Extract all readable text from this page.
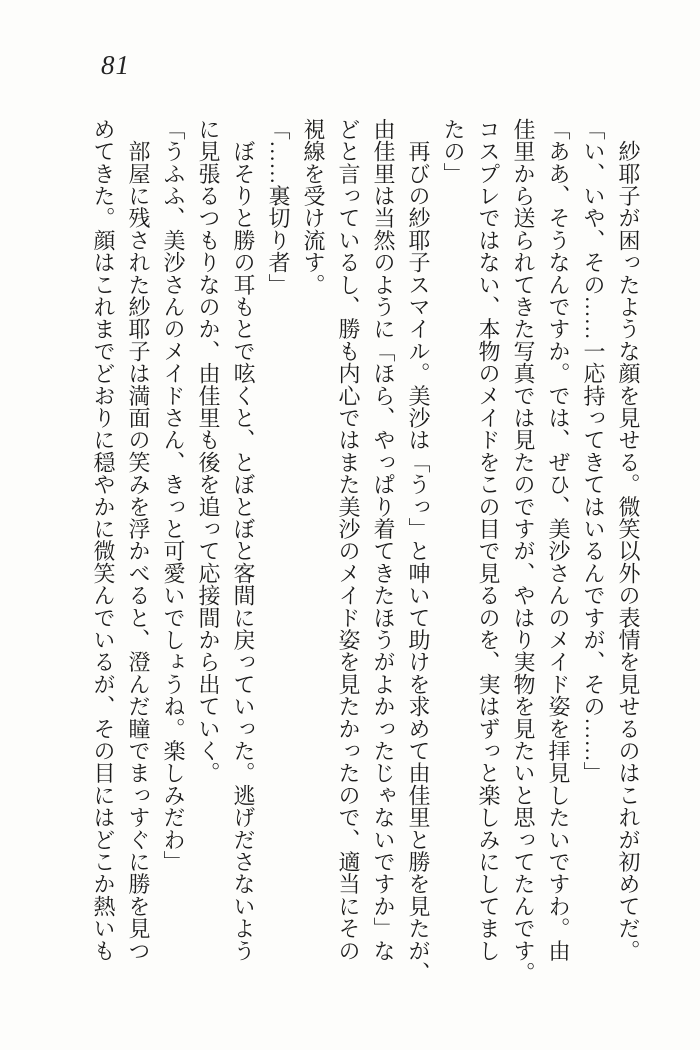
81

　紗耶子が困ったような顔を見せる。微笑以外の表情を見せるのはこれが初めてだ。

「い、いや、その……一応持ってきてはいるんですが、その……」

「ああ、そうなんですか。では、ぜひ、美沙さんのメイド姿を拝見したいですわ。由

佳里から送られてきた写真では見たのですが、やはり実物を見たいと思ってたんです。

コスプレではない、本物のメイドをこの目で見るのを、実はずっと楽しみにしてまし

たの」

　再びの紗耶子スマイル。美沙は「うっ」と呻いて助けを求めて由佳里と勝を見たが、

由佳里は当然のように「ほら、やっぱり着てきたほうがよかったじゃないですか」な

どと言っているし、勝も内心ではまた美沙のメイド姿を見たかったので、適当にその

視線を受け流す。

「……裏切り者」

　ぼそりと勝の耳もとで呟くと、とぼとぼと客間に戻っていった。逃げださないよう

に見張るつもりなのか、由佳里も後を追って応接間から出ていく。

「うふふ、美沙さんのメイドさん、きっと可愛いでしょうね。楽しみだわ」

　部屋に残された紗耶子は満面の笑みを浮かべると、澄んだ瞳でまっすぐに勝を見つ

めてきた。顔はこれまでどおりに穏やかに微笑んでいるが、その目にはどこか熱いも
